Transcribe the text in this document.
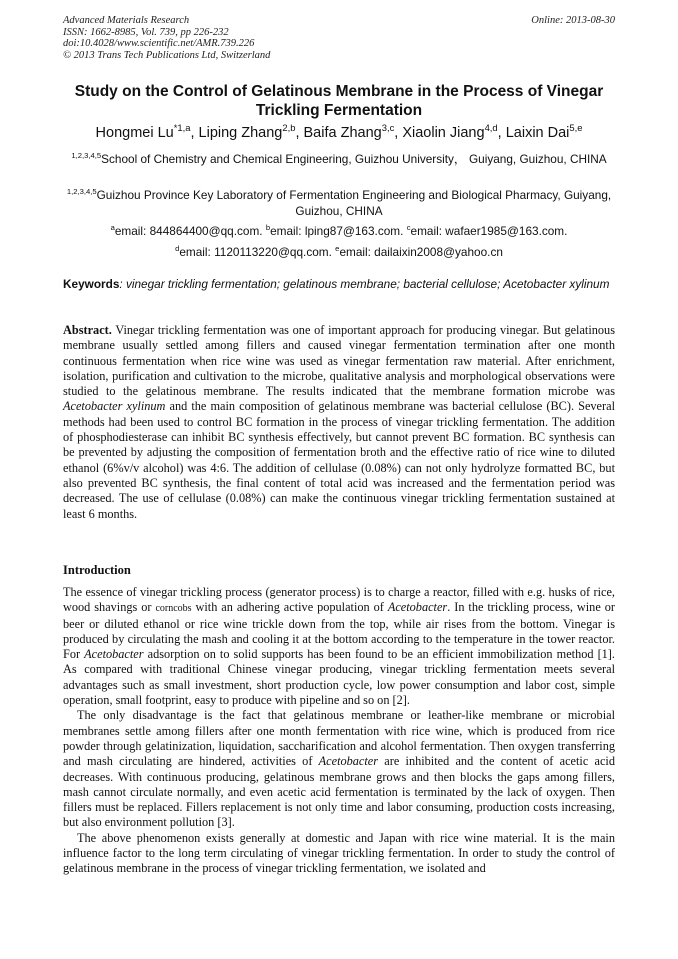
Advanced Materials Research
ISSN: 1662-8985, Vol. 739, pp 226-232
doi:10.4028/www.scientific.net/AMR.739.226
© 2013 Trans Tech Publications Ltd, Switzerland
Online: 2013-08-30
Study on the Control of Gelatinous Membrane in the Process of Vinegar Trickling Fermentation
Hongmei Lu$^{*1,a}$, Liping Zhang$^{2,b}$, Baifa Zhang$^{3,c}$, Xiaolin Jiang$^{4,d}$, Laixin Dai$^{5,e}$
$^{1,2,3,4,5}$School of Chemistry and Chemical Engineering, Guizhou University， Guiyang, Guizhou, CHINA
$^{1,2,3,4,5}$Guizhou Province Key Laboratory of Fermentation Engineering and Biological Pharmacy, Guiyang, Guizhou, CHINA
$^a$email: 844864400@qq.com. $^b$email: lping87@163.com. $^c$email: wafaer1985@163.com.
$^d$email: 1120113220@qq.com. $^e$email: dailaixin2008@yahoo.cn
Keywords: vinegar trickling fermentation; gelatinous membrane; bacterial cellulose; Acetobacter xylinum

Abstract. Vinegar trickling fermentation was one of important approach for producing vinegar. But gelatinous membrane usually settled among fillers and caused vinegar fermentation termination after one month continuous fermentation when rice wine was used as vinegar fermentation raw material. After enrichment, isolation, purification and cultivation to the microbe, qualitative analysis and morphological observations were studied to the gelatinous membrane. The results indicated that the membrane formation microbe was Acetobacter xylinum and the main composition of gelatinous membrane was bacterial cellulose (BC). Several methods had been used to control BC formation in the process of vinegar trickling fermentation. The addition of phosphodiesterase can inhibit BC synthesis effectively, but cannot prevent BC formation. BC synthesis can be prevented by adjusting the composition of fermentation broth and the effective ratio of rice wine to diluted ethanol (6%v/v alcohol) was 4:6. The addition of cellulase (0.08%) can not only hydrolyze formatted BC, but also prevented BC synthesis, the final content of total acid was increased and the fermentation period was decreased. The use of cellulase (0.08%) can make the continuous vinegar trickling fermentation sustained at least 6 months.

Introduction

The essence of vinegar trickling process (generator process) is to charge a reactor, filled with e.g. husks of rice, wood shavings or corncobs with an adhering active population of Acetobacter. In the trickling process, wine or beer or diluted ethanol or rice wine trickle down from the top, while air rises from the bottom. Vinegar is produced by circulating the mash and cooling it at the bottom according to the temperature in the tower reactor. For Acetobacter adsorption on to solid supports has been found to be an efficient immobilization method [1]. As compared with traditional Chinese vinegar producing, vinegar trickling fermentation meets several advantages such as small investment, short production cycle, low power consumption and labor cost, simple operation, small footprint, easy to produce with pipeline and so on [2].

The only disadvantage is the fact that gelatinous membrane or leather-like membrane or microbial membranes settle among fillers after one month fermentation with rice wine, which is produced from rice powder through gelatinization, liquidation, saccharification and alcohol fermentation. Then oxygen transferring and mash circulating are hindered, activities of Acetobacter are inhibited and the content of acetic acid decreases. With continuous producing, gelatinous membrane grows and then blocks the gaps among fillers, mash cannot circulate normally, and even acetic acid fermentation is terminated by the lack of oxygen. Then fillers must be replaced. Fillers replacement is not only time and labor consuming, production costs increasing, but also environment pollution [3].

The above phenomenon exists generally at domestic and Japan with rice wine material. It is the main influence factor to the long term circulating of vinegar trickling fermentation. In order to study the control of gelatinous membrane in the process of vinegar trickling fermentation, we isolated and
